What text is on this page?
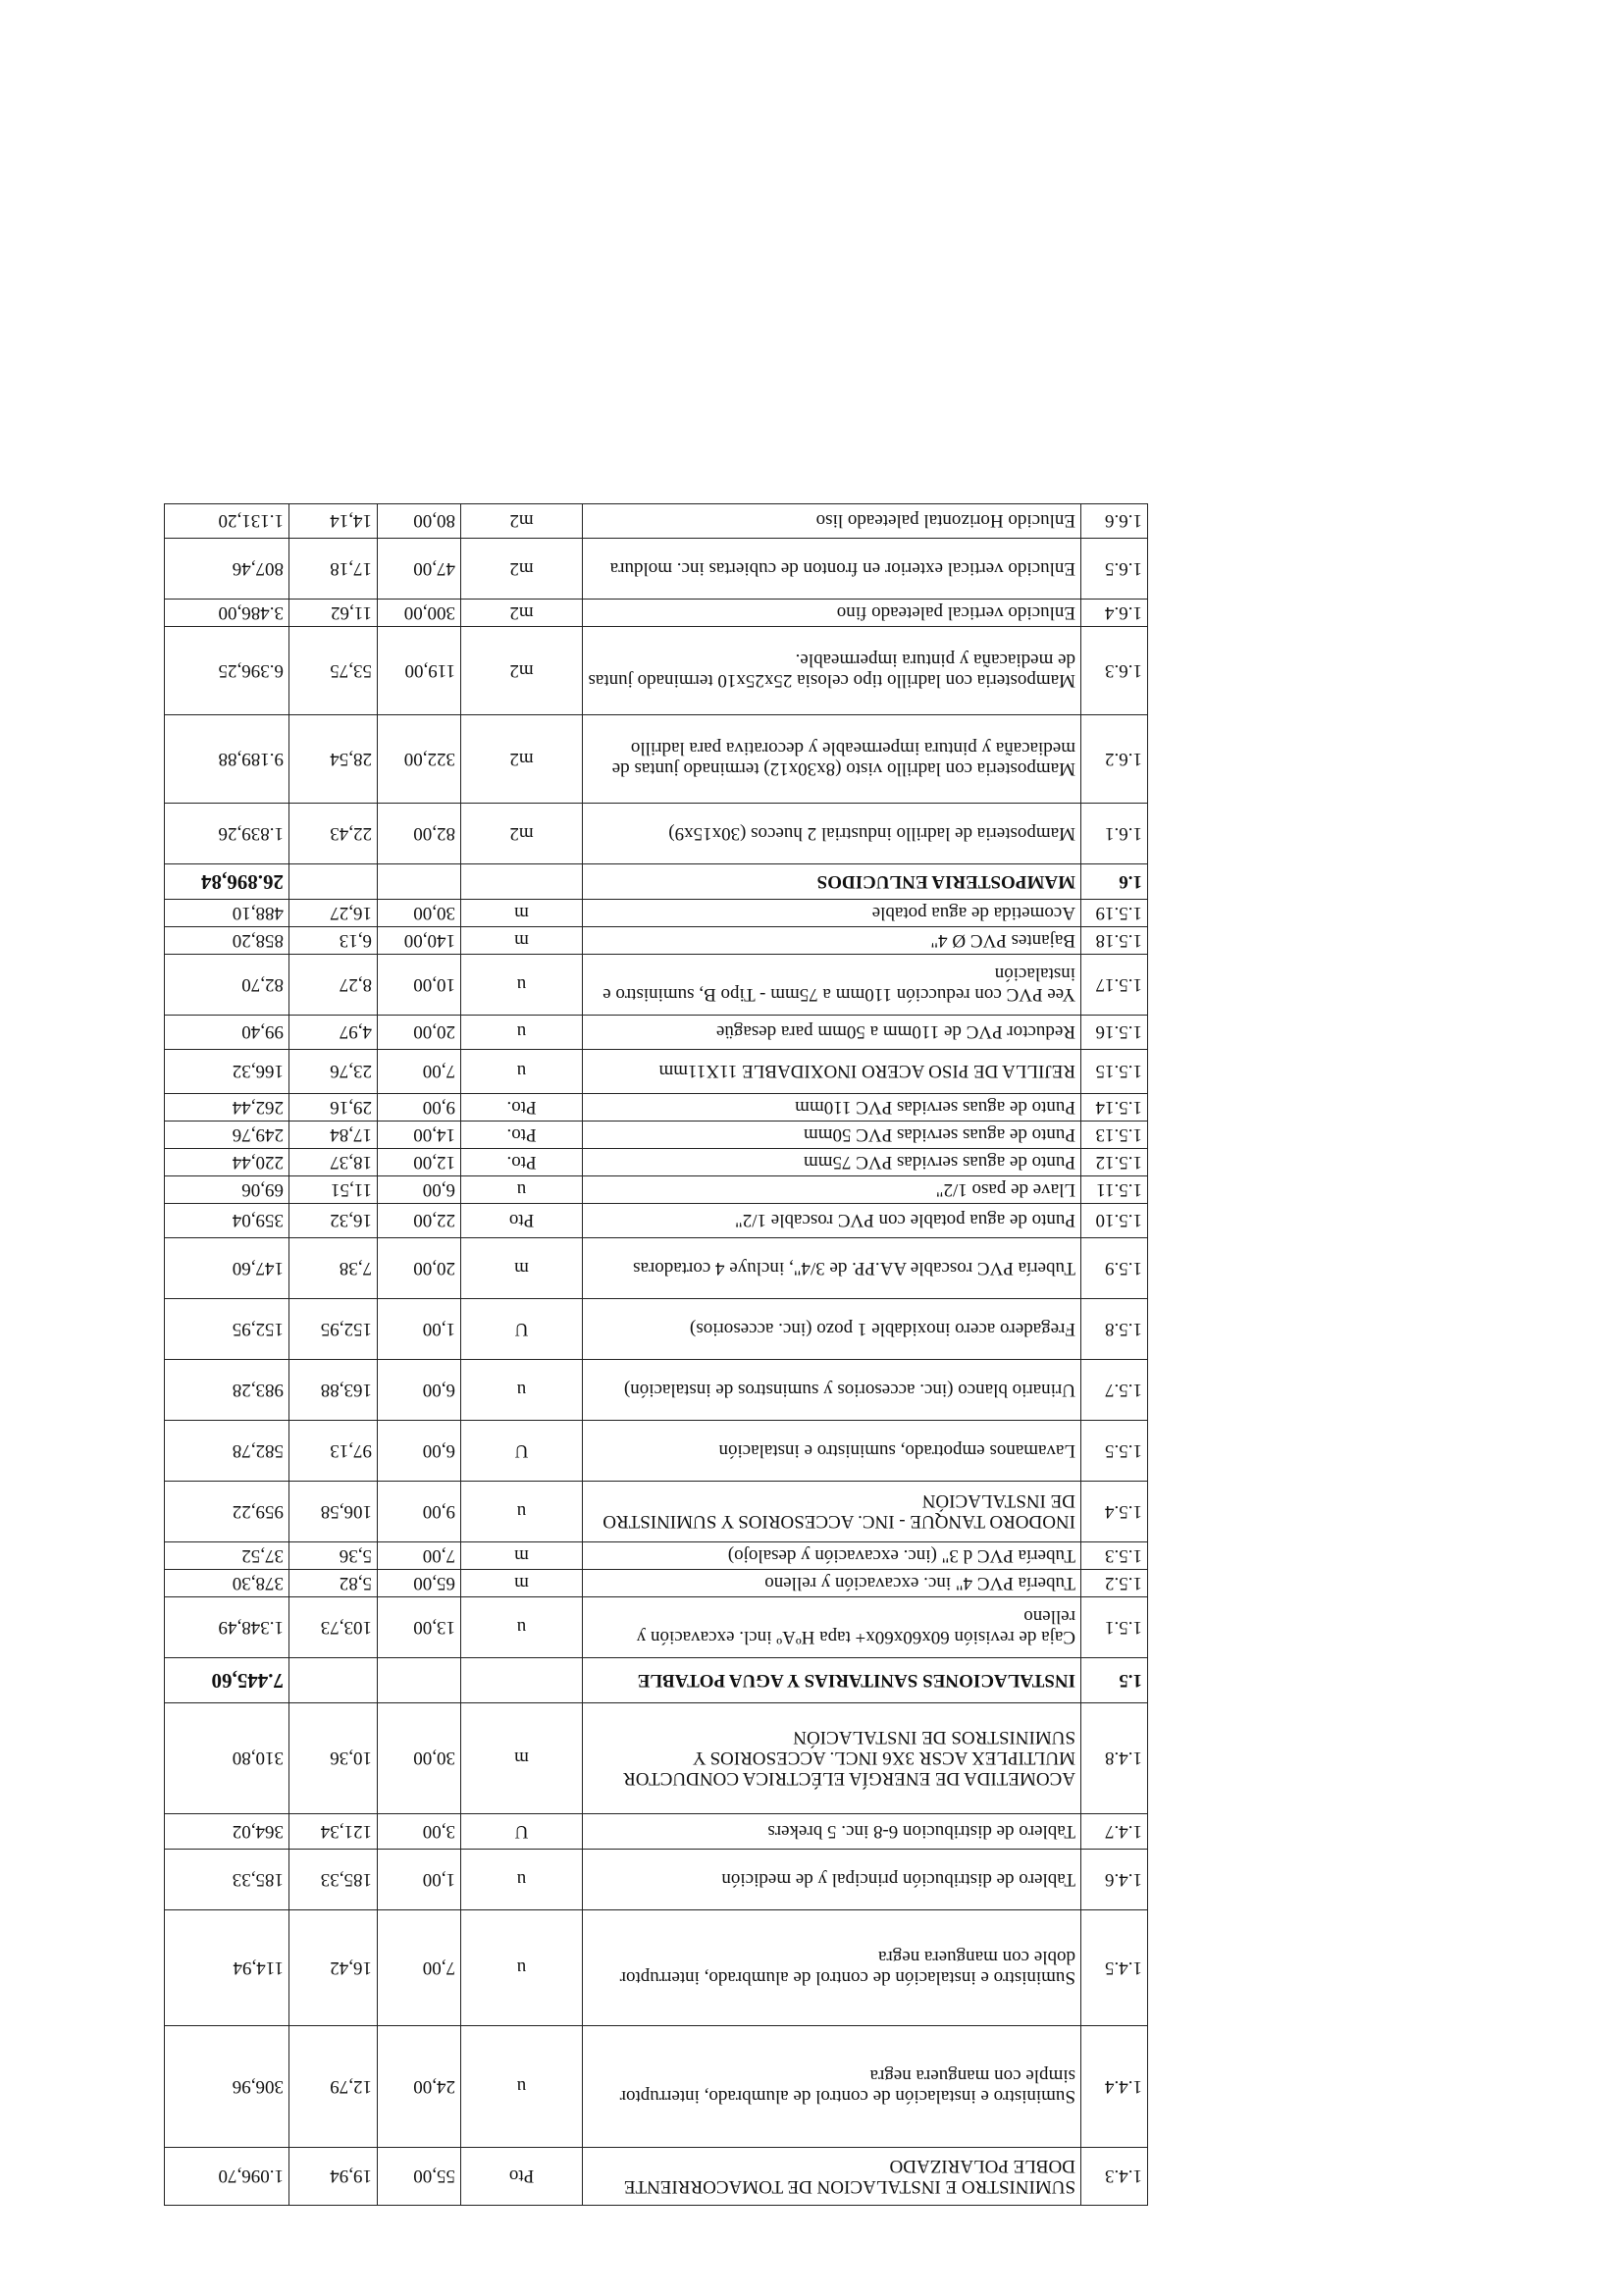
1.4.3	SUMINISTRO E INSTALACION DE TOMACORRIENTE DOBLE POLARIZADO	Pto	55,00	19,94	1.096,70
1.4.4	Suministro e instalación de control de alumbrado, interruptor simple con manguera negra	u	24,00	12,79	306,96
1.4.5	Suministro e instalación de control de alumbrado, interruptor doble con manguera negra	u	7,00	16,42	114,94
1.4.6	Tablero de distribución principal y de medición	u	1,00	185,33	185,33
1.4.7	Tablero de distribucion 6-8 inc. 5 brekers	U	3,00	121,34	364,02
1.4.8	ACOMETIDA DE ENERGÍA ELÉCTRICA CONDUCTOR MULTIPLEX ACSR 3X6 INCL. ACCESORIOS Y SUMINISTROS DE INSTALACIÓN	m	30,00	10,36	310,80
1.5	INSTALACIONES SANITARIAS Y AGUA POTABLE				7.445,60
1.5.1	Caja de revisión 60x60x60x+ tapa HºAº incl. excavación y relleno	u	13,00	103,73	1.348,49
1.5.2	Tubería PVC 4" inc. excavación y relleno	m	65,00	5,82	378,30
1.5.3	Tubería PVC d 3" (inc. excavación y desalojo)	m	7,00	5,36	37,52
1.5.4	INODORO TANQUE - INC. ACCESORIOS Y SUMINISTRO DE INSTALACIÓN	u	9,00	106,58	959,22
1.5.5	Lavamanos empotrado, suministro e instalación	U	6,00	97,13	582,78
1.5.7	Urinario blanco (inc. accesorios y suminstros de instalación)	u	6,00	163,88	983,28
1.5.8	Fregadero acero inoxidable 1 pozo (inc. accesorios)	U	1,00	152,95	152,95
1.5.9	Tubería PVC roscable AA.PP. de 3/4", incluye 4 cortadoras	m	20,00	7,38	147,60
1.5.10	Punto de agua potable con PVC roscable 1/2"	Pto	22,00	16,32	359,04
1.5.11	Llave de paso 1/2"	u	6,00	11,51	69,06
1.5.12	Punto de aguas servidas PVC 75mm	Pto.	12,00	18,37	220,44
1.5.13	Punto de aguas servidas PVC 50mm	Pto.	14,00	17,84	249,76
1.5.14	Punto de aguas servidas PVC 110mm	Pto.	9,00	29,16	262,44
1.5.15	REJILLA DE PISO ACERO INOXIDABLE 11X11mm	u	7,00	23,76	166,32
1.5.16	Reductor PVC de 110mm a 50mm para desagüe	u	20,00	4,97	99,40
1.5.17	Yee PVC con reducción 110mm a 75mm - Tipo B, suministro e instalación	u	10,00	8,27	82,70
1.5.18	Bajantes PVC Ø 4"	m	140,00	6,13	858,20
1.5.19	Acometida de agua potable	m	30,00	16,27	488,10
1.6	MAMPOSTERIA ENLUCIDOS				26.896,84
1.6.1	Mamposteria de ladrillo industrial 2 huecos (30x15x9)	m2	82,00	22,43	1.839,26
1.6.2	Mamposteria con ladrillo visto (8x30x12) terminado juntas de mediacaña y pintura impermeable y decorativa para ladrillo	m2	322,00	28,54	9.189,88
1.6.3	Mamposteria con ladrillo tipo celosia 25x25x10 terminado juntas de mediacaña y pintura impermeable.	m2	119,00	53,75	6.396,25
1.6.4	Enlucido vertical paleteado fino	m2	300,00	11,62	3.486,00
1.6.5	Enlucido vertical exterior en fronton de cubiertas inc. moldura	m2	47,00	17,18	807,46
1.6.6	Enlucido Horizontal paleteado liso	m2	80,00	14,14	1.131,20
